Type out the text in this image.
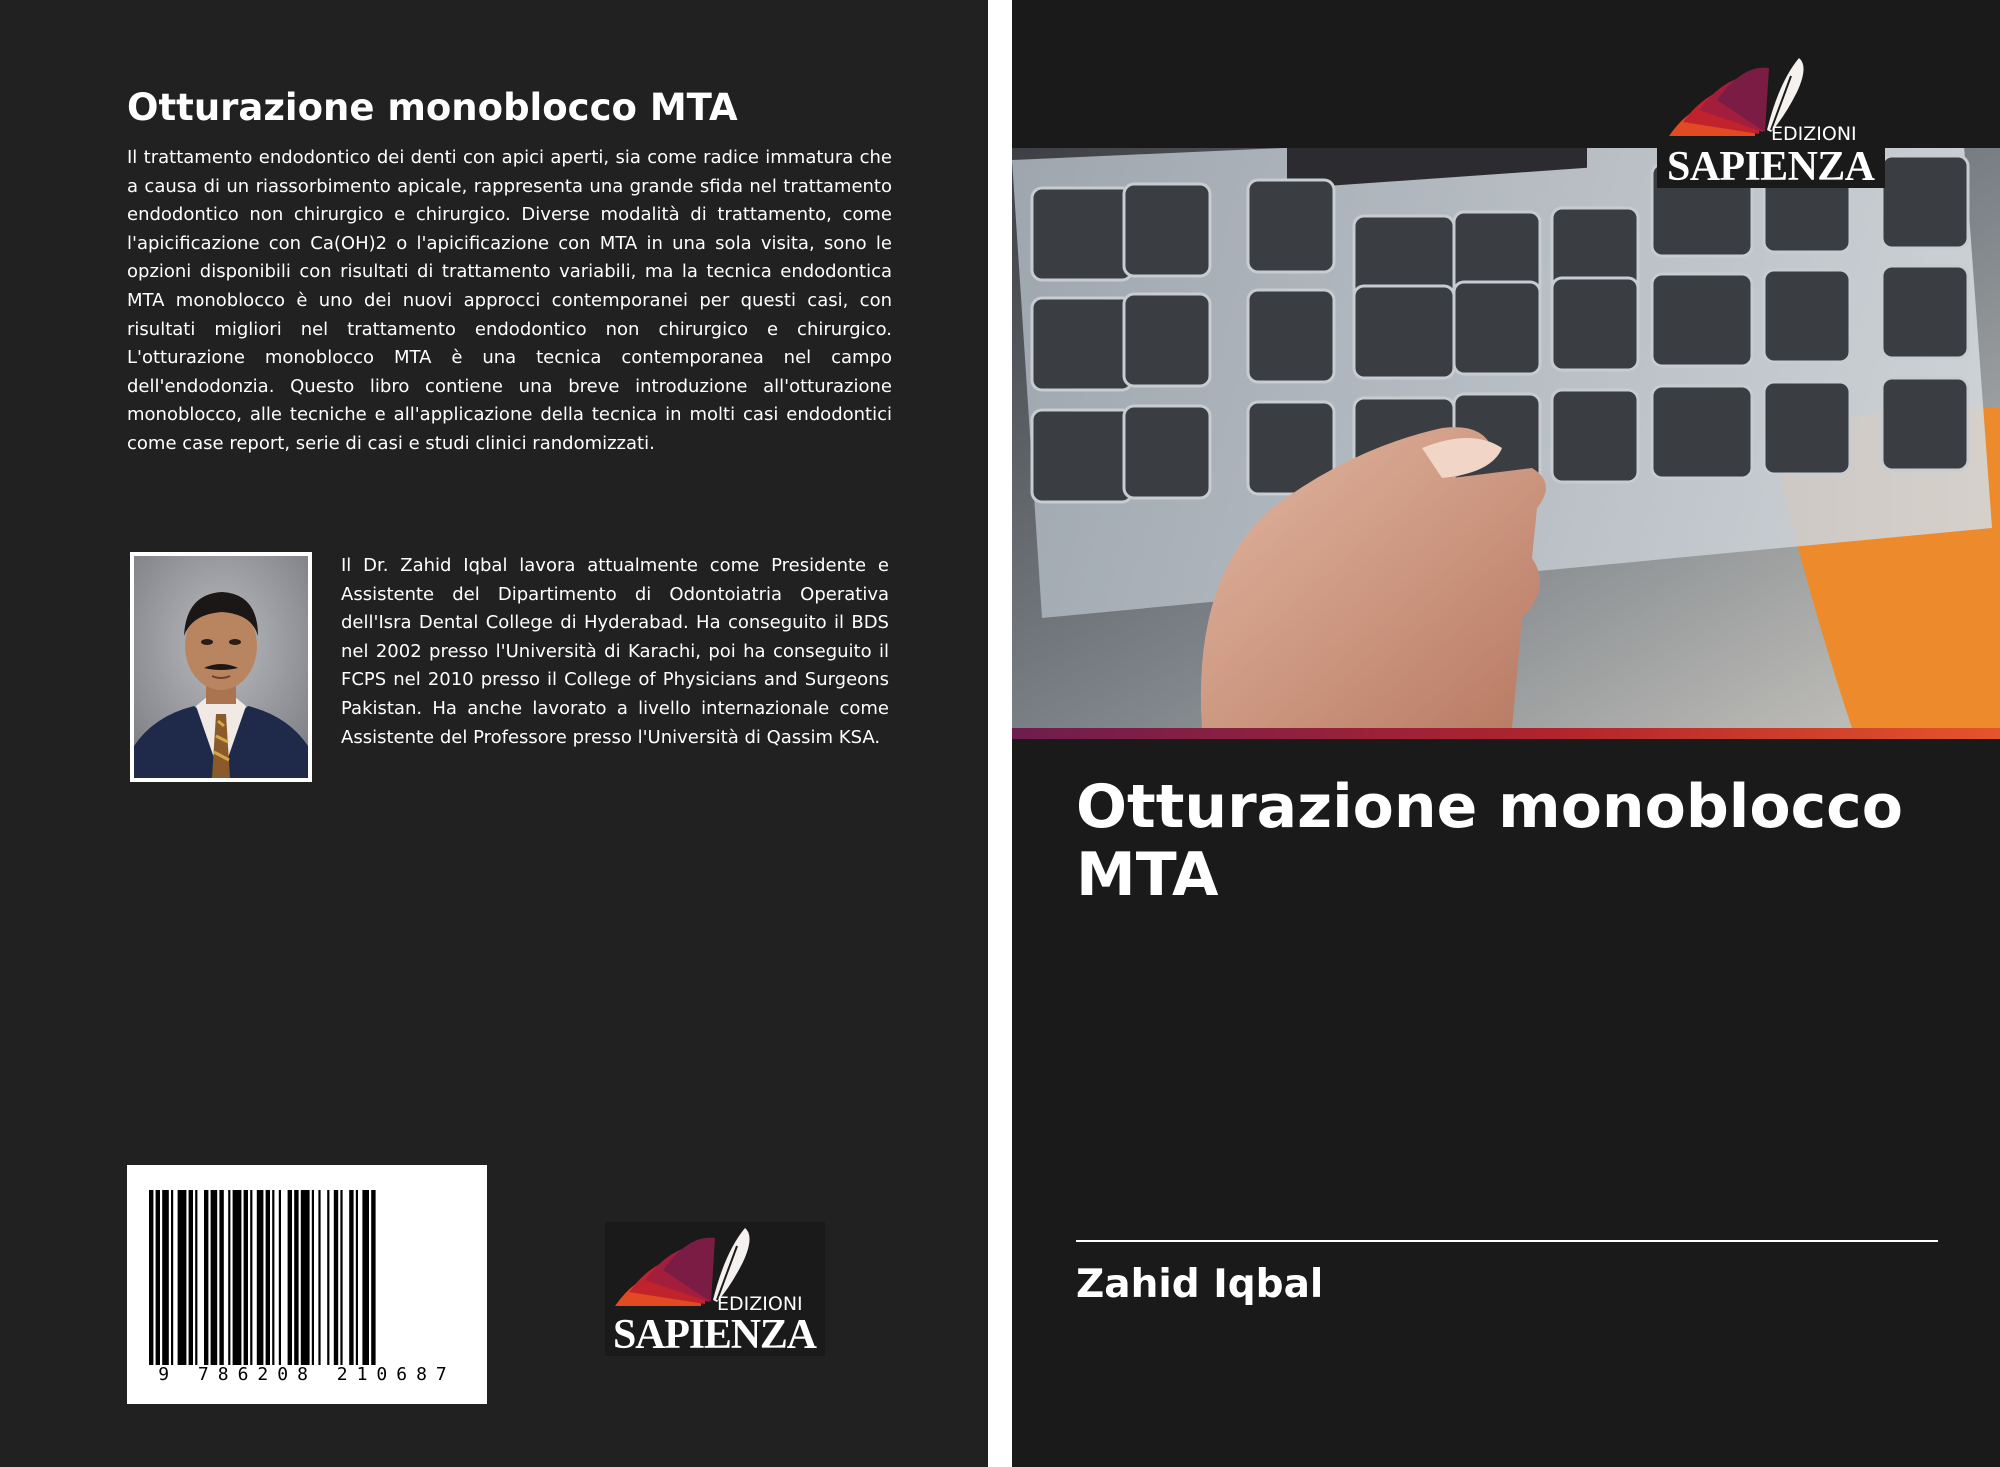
Otturazione monoblocco MTA
Il trattamento endodontico dei denti con apici aperti, sia come radice immatura che a causa di un riassorbimento apicale, rappresenta una grande sfida nel trattamento endodontico non chirurgico e chirurgico. Diverse modalità di trattamento, come l'apicificazione con Ca(OH)2 o l'apicificazione con MTA in una sola visita, sono le opzioni disponibili con risultati di trattamento variabili, ma la tecnica endodontica MTA monoblocco è uno dei nuovi approcci contemporanei per questi casi, con risultati migliori nel trattamento endodontico non chirurgico e chirurgico. L'otturazione monoblocco MTA è una tecnica contemporanea nel campo dell'endodonzia. Questo libro contiene una breve introduzione all'otturazione monoblocco, alle tecniche e all'applicazione della tecnica in molti casi endodontici come case report, serie di casi e studi clinici randomizzati.
Il Dr. Zahid Iqbal lavora attualmente come Presidente e Assistente del Dipartimento di Odontoiatria Operativa dell'Isra Dental College di Hyderabad. Ha conseguito il BDS nel 2002 presso l'Università di Karachi, poi ha conseguito il FCPS nel 2010 presso il College of Physicians and Surgeons Pakistan. Ha anche lavorato a livello internazionale come Assistente del Professore presso l'Università di Qassim KSA.
9 786208 210687
EDIZIONI
SAPIENZA
EDIZIONI
SAPIENZA
Otturazione monoblocco MTA
Zahid Iqbal
